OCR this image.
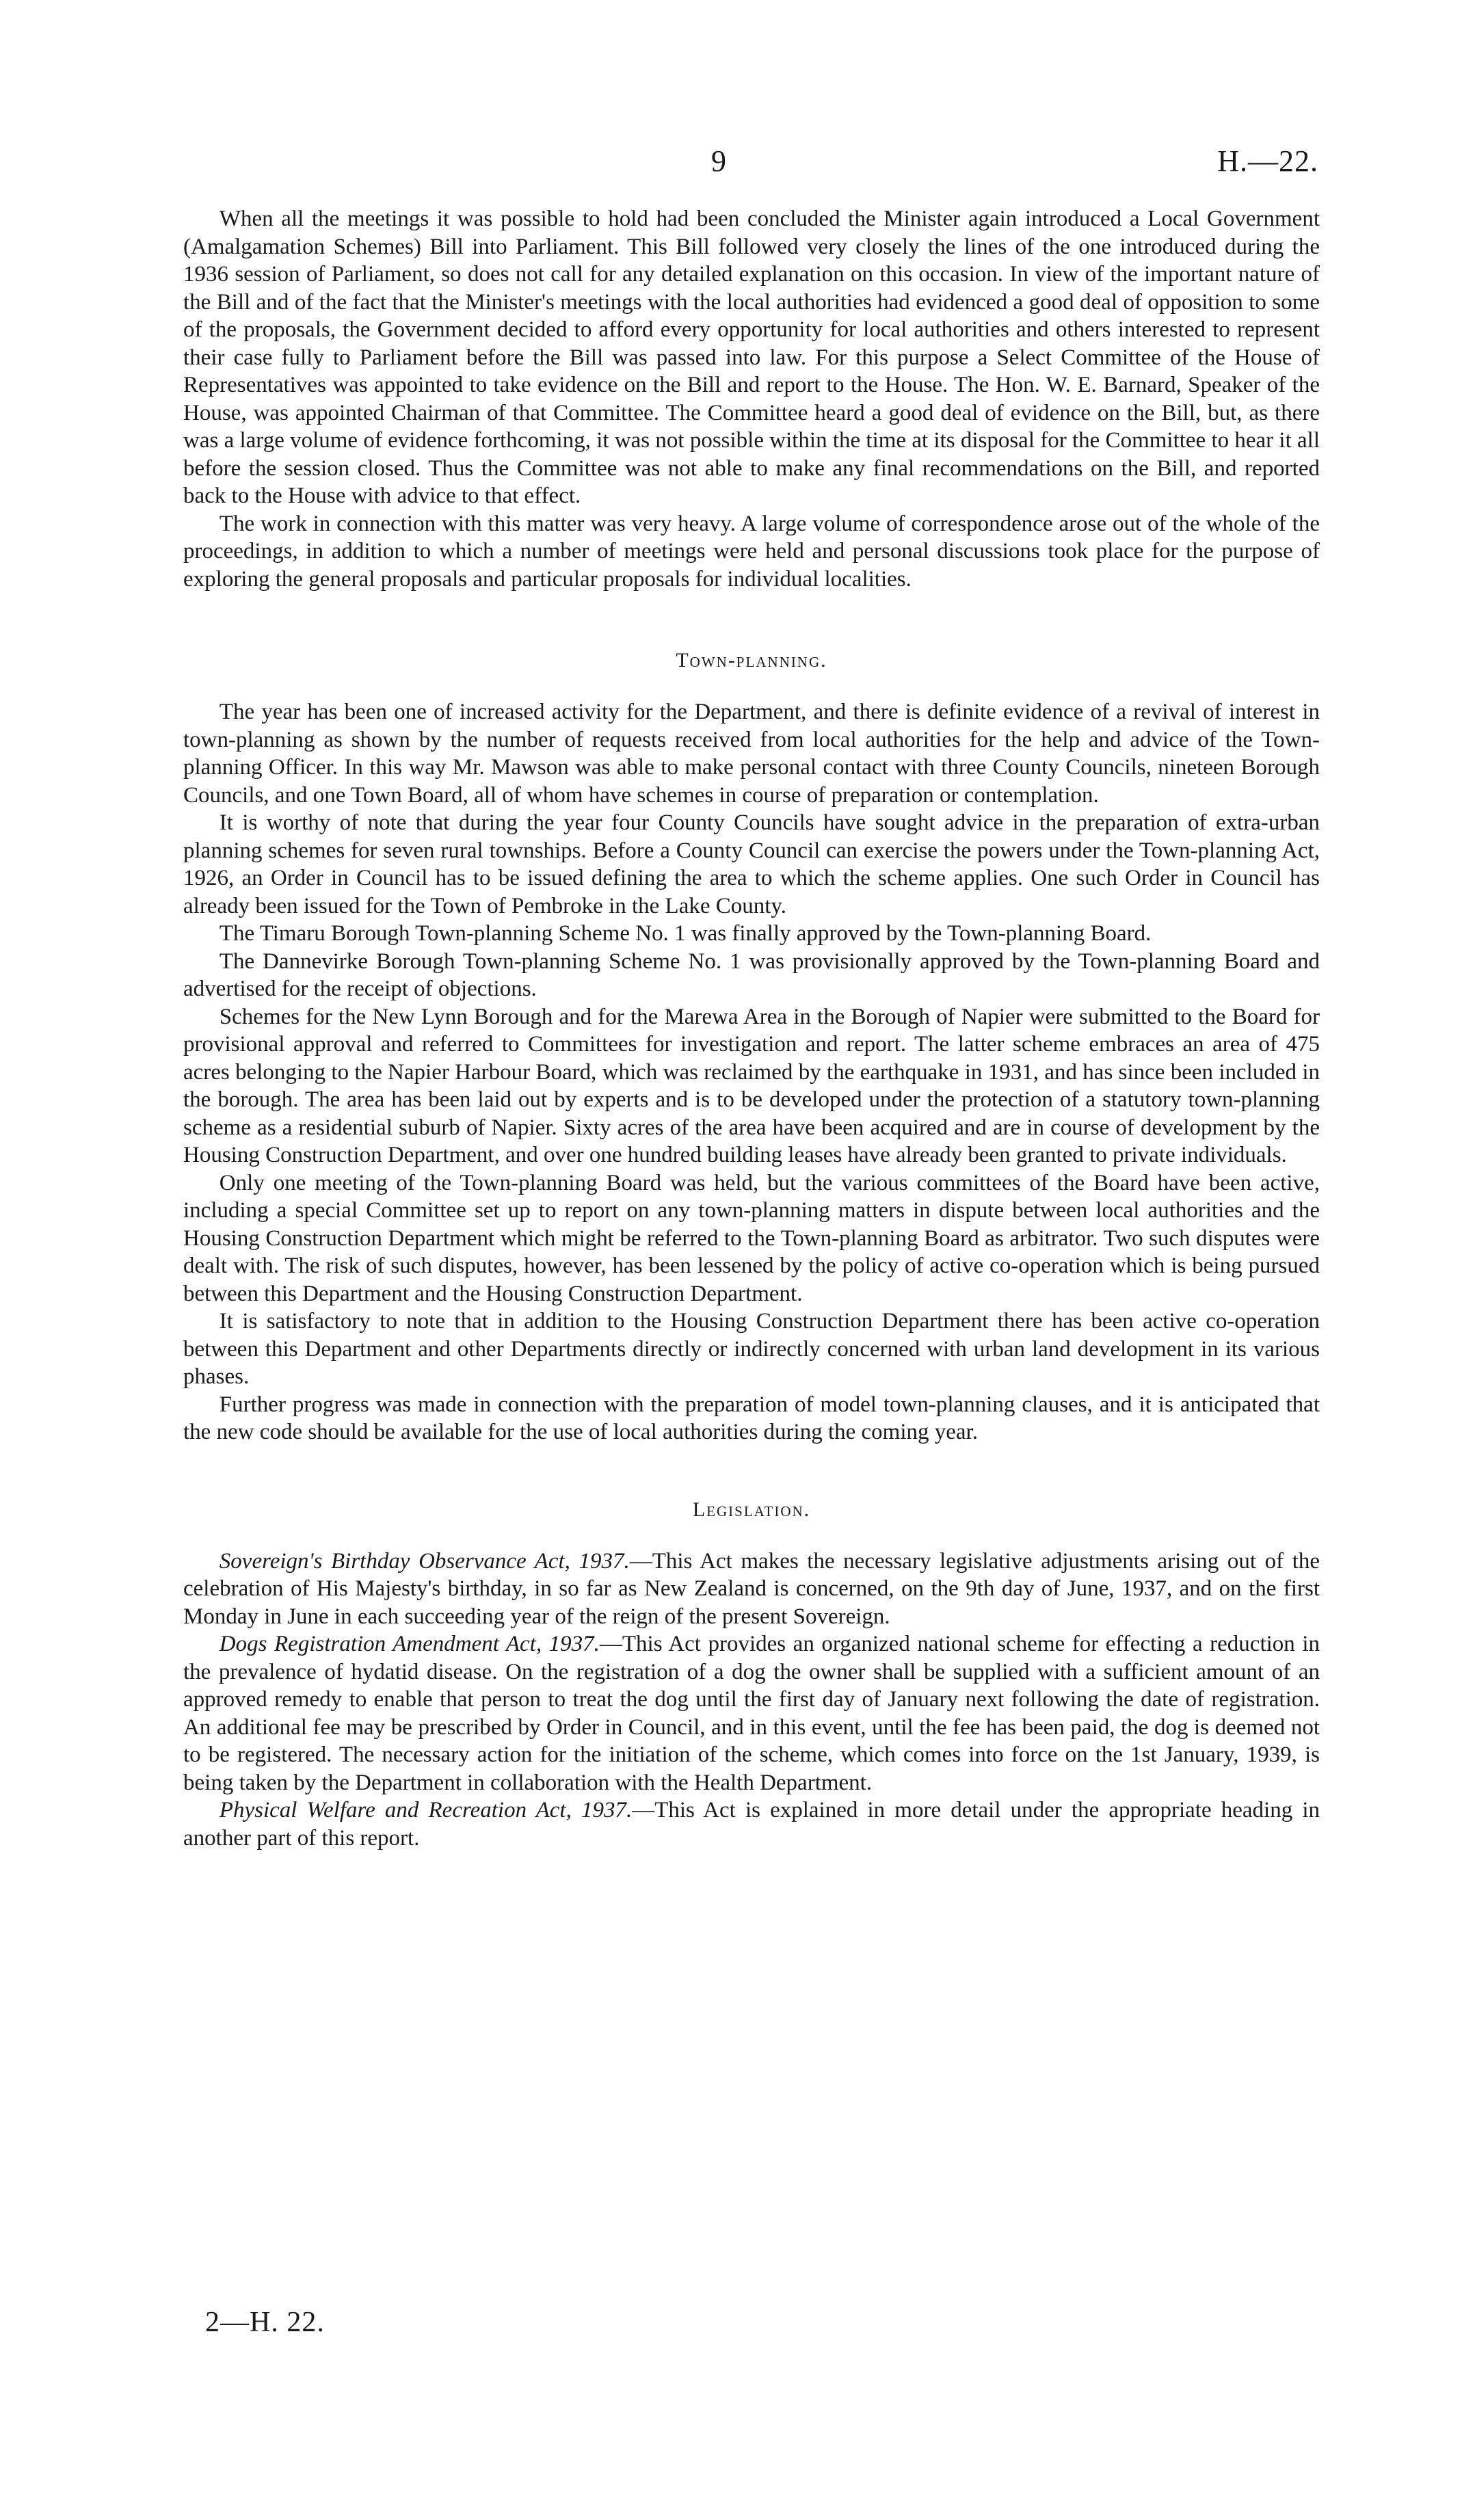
9	H.—22.

When all the meetings it was possible to hold had been concluded the Minister again introduced a Local Government (Amalgamation Schemes) Bill into Parliament. This Bill followed very closely the lines of the one introduced during the 1936 session of Parliament, so does not call for any detailed explanation on this occasion. In view of the important nature of the Bill and of the fact that the Minister's meetings with the local authorities had evidenced a good deal of opposition to some of the proposals, the Government decided to afford every opportunity for local authorities and others interested to represent their case fully to Parliament before the Bill was passed into law. For this purpose a Select Committee of the House of Representatives was appointed to take evidence on the Bill and report to the House. The Hon. W. E. Barnard, Speaker of the House, was appointed Chairman of that Committee. The Committee heard a good deal of evidence on the Bill, but, as there was a large volume of evidence forthcoming, it was not possible within the time at its disposal for the Committee to hear it all before the session closed. Thus the Committee was not able to make any final recommendations on the Bill, and reported back to the House with advice to that effect.

The work in connection with this matter was very heavy. A large volume of correspondence arose out of the whole of the proceedings, in addition to which a number of meetings were held and personal discussions took place for the purpose of exploring the general proposals and particular proposals for individual localities.

Town-planning.

The year has been one of increased activity for the Department, and there is definite evidence of a revival of interest in town-planning as shown by the number of requests received from local authorities for the help and advice of the Town-planning Officer. In this way Mr. Mawson was able to make personal contact with three County Councils, nineteen Borough Councils, and one Town Board, all of whom have schemes in course of preparation or contemplation.

It is worthy of note that during the year four County Councils have sought advice in the preparation of extra-urban planning schemes for seven rural townships. Before a County Council can exercise the powers under the Town-planning Act, 1926, an Order in Council has to be issued defining the area to which the scheme applies. One such Order in Council has already been issued for the Town of Pembroke in the Lake County.

The Timaru Borough Town-planning Scheme No. 1 was finally approved by the Town-planning Board.

The Dannevirke Borough Town-planning Scheme No. 1 was provisionally approved by the Town-planning Board and advertised for the receipt of objections.

Schemes for the New Lynn Borough and for the Marewa Area in the Borough of Napier were submitted to the Board for provisional approval and referred to Committees for investigation and report. The latter scheme embraces an area of 475 acres belonging to the Napier Harbour Board, which was reclaimed by the earthquake in 1931, and has since been included in the borough. The area has been laid out by experts and is to be developed under the protection of a statutory town-planning scheme as a residential suburb of Napier. Sixty acres of the area have been acquired and are in course of development by the Housing Construction Department, and over one hundred building leases have already been granted to private individuals.

Only one meeting of the Town-planning Board was held, but the various committees of the Board have been active, including a special Committee set up to report on any town-planning matters in dispute between local authorities and the Housing Construction Department which might be referred to the Town-planning Board as arbitrator. Two such disputes were dealt with. The risk of such disputes, however, has been lessened by the policy of active co-operation which is being pursued between this Department and the Housing Construction Department.

It is satisfactory to note that in addition to the Housing Construction Department there has been active co-operation between this Department and other Departments directly or indirectly concerned with urban land development in its various phases.

Further progress was made in connection with the preparation of model town-planning clauses, and it is anticipated that the new code should be available for the use of local authorities during the coming year.

Legislation.

Sovereign's Birthday Observance Act, 1937.—This Act makes the necessary legislative adjustments arising out of the celebration of His Majesty's birthday, in so far as New Zealand is concerned, on the 9th day of June, 1937, and on the first Monday in June in each succeeding year of the reign of the present Sovereign.

Dogs Registration Amendment Act, 1937.—This Act provides an organized national scheme for effecting a reduction in the prevalence of hydatid disease. On the registration of a dog the owner shall be supplied with a sufficient amount of an approved remedy to enable that person to treat the dog until the first day of January next following the date of registration. An additional fee may be prescribed by Order in Council, and in this event, until the fee has been paid, the dog is deemed not to be registered. The necessary action for the initiation of the scheme, which comes into force on the 1st January, 1939, is being taken by the Department in collaboration with the Health Department.

Physical Welfare and Recreation Act, 1937.—This Act is explained in more detail under the appropriate heading in another part of this report.

2—H. 22.
